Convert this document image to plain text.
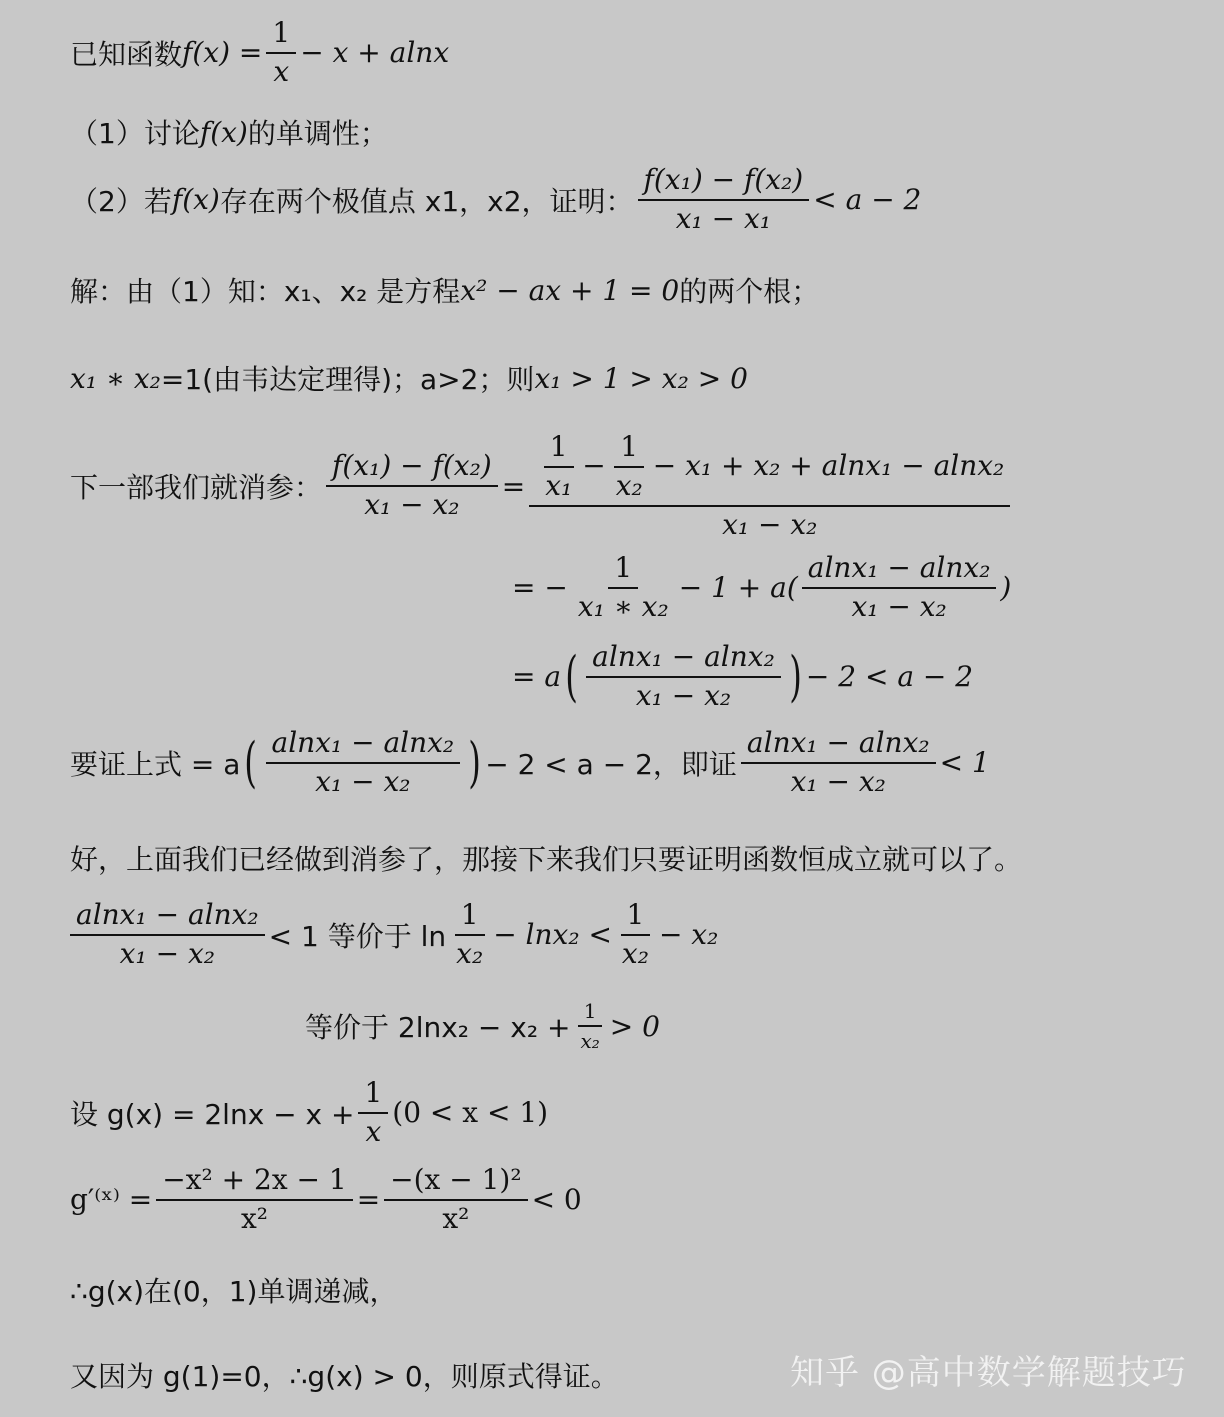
已知函数 $f(x) = \frac{1}{x} - x + alnx$
（1）讨论 f(x) 的单调性；
（2）若 f(x) 存在两个极值点 x1，x2，证明： $\frac{\text{f(x₁) − f(x₂)}}{\text{x₁ − x₁}} < a - 2$
解：由（1）知：x₁、x₂ 是方程 x² − ax + 1 = 0 的两个根；
x₁ ∗ x₂ =1(由韦达定理得)；a>2；则 x₁ > 1 > x₂ > 0
下一部我们就消参： $\frac{\text{f(x₁) − f(x₂)}}{\text{x₁ − x₂}} = \frac{1}{\text{x₁}} - \frac{1}{\text{x₂}} - x_1 + x_2 + alnx_1 - alnx_2$
x₁ − x₂
= − $\frac{1}{\text{x₁ ∗ x₂}} - 1 + a( \frac{\text{alnx₁ − alnx₂}}{\text{x₁ − x₂}}$ )
= a ( $\frac{\text{alnx₁ − alnx₂}}{\text{x₁ − x₂}}$ ) − 2 < a − 2
要证上式 = a ( $\frac{\text{alnx₁ − alnx₂}}{\text{x₁ − x₂}}$ ) − 2 < a − 2，即证 $\frac{\text{alnx₁ − alnx₂}}{\text{x₁ − x₂}} < 1$
好，上面我们已经做到消参了，那接下来我们只要证明函数恒成立就可以了。
$\frac{\text{alnx₁ − alnx₂}}{\text{x₁ − x₂}} < 1$ 等价于 $\ln \frac{1}{\text{x₂}} - \ln x_2 < \frac{1}{\text{x₂}} - x_2$
等价于 $2\ln x_2 - x_2 + \frac{1}{\text{x₂}} > 0$
设 $g(x) = 2\ln x - x + \frac{1}{x} (0 < x < 1)$
g′⁽ˣ⁾ = $\frac{\text{−x² + 2x − 1}}{\text{x²}} = \frac{\text{−(x − 1)²}}{\text{x²}} < 0$
∴g(x)在(0，1)单调递减，
又因为 g(1)=0，∴g(x) > 0，则原式得证。	知乎 @高中数学解题技巧
